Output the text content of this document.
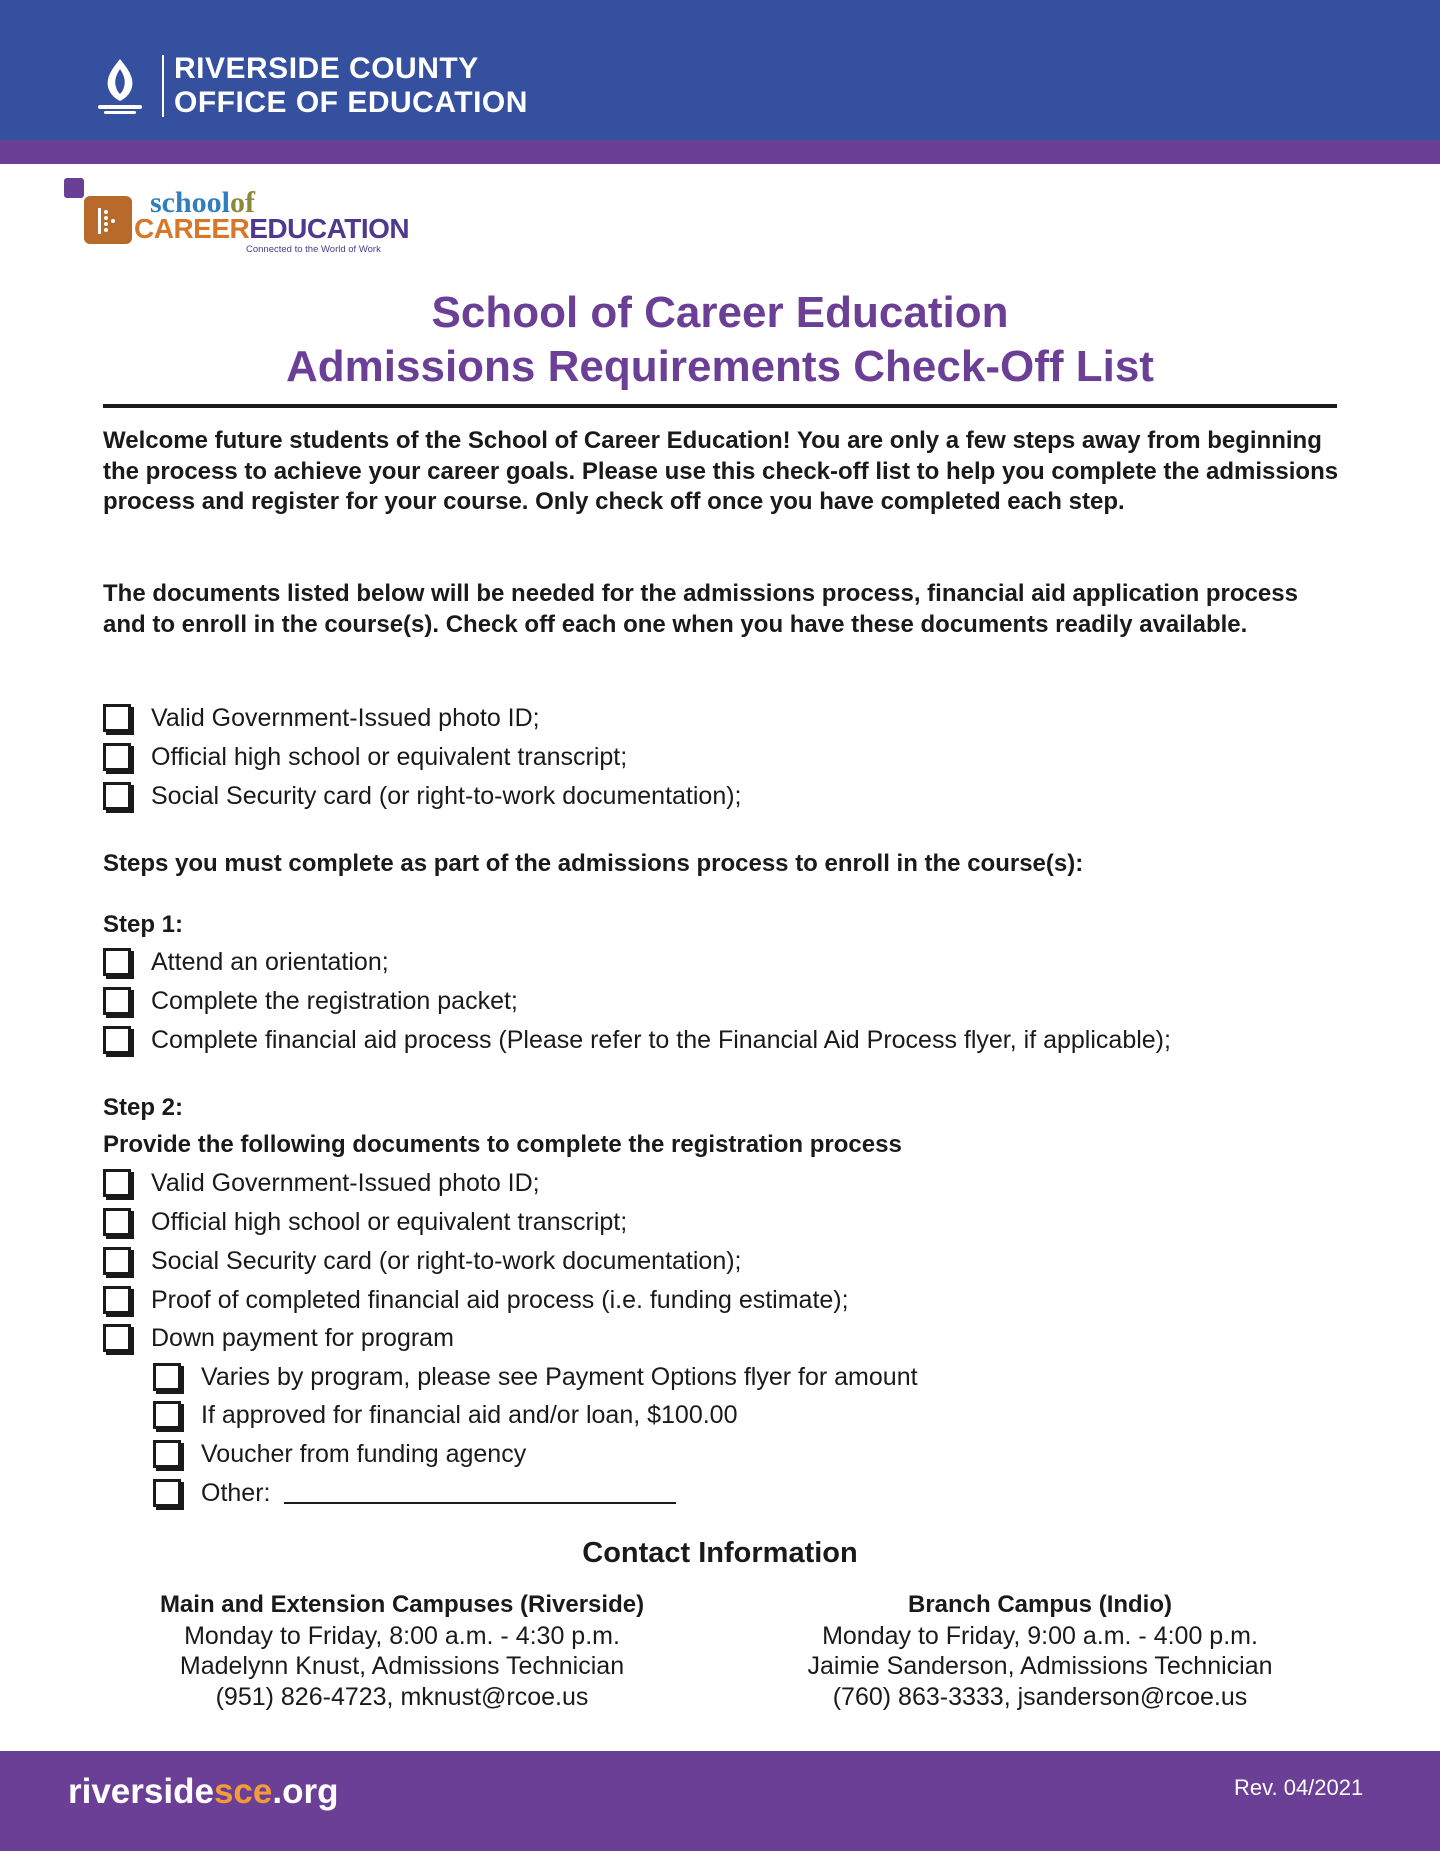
RIVERSIDE COUNTY
OFFICE OF EDUCATION
schoolof
CAREEREDUCATION
Connected to the World of Work
School of Career Education
Admissions Requirements Check-Off List

Welcome future students of the School of Career Education! You are only a few steps away from beginning the process to achieve your career goals. Please use this check-off list to help you complete the admissions process and register for your course. Only check off once you have completed each step.

The documents listed below will be needed for the admissions process, financial aid application process and to enroll in the course(s). Check off each one when you have these documents readily available.

Valid Government-Issued photo ID;
Official high school or equivalent transcript;
Social Security card (or right-to-work documentation);
Steps you must complete as part of the admissions process to enroll in the course(s):
Step 1:
Attend an orientation;
Complete the registration packet;
Complete financial aid process (Please refer to the Financial Aid Process flyer, if applicable);
Step 2:
Provide the following documents to complete the registration process
Valid Government-Issued photo ID;
Official high school or equivalent transcript;
Social Security card (or right-to-work documentation);
Proof of completed financial aid process (i.e. funding estimate);
Down payment for program
Varies by program, please see Payment Options flyer for amount
If approved for financial aid and/or loan, $100.00
Voucher from funding agency
Other:
Contact Information
Main and Extension Campuses (Riverside)
Monday to Friday, 8:00 a.m. - 4:30 p.m.
Madelynn Knust, Admissions Technician
(951) 826-4723, mknust@rcoe.us
Branch Campus (Indio)
Monday to Friday, 9:00 a.m. - 4:00 p.m.
Jaimie Sanderson, Admissions Technician
(760) 863-3333, jsanderson@rcoe.us
riversidesce.org	Rev. 04/2021
